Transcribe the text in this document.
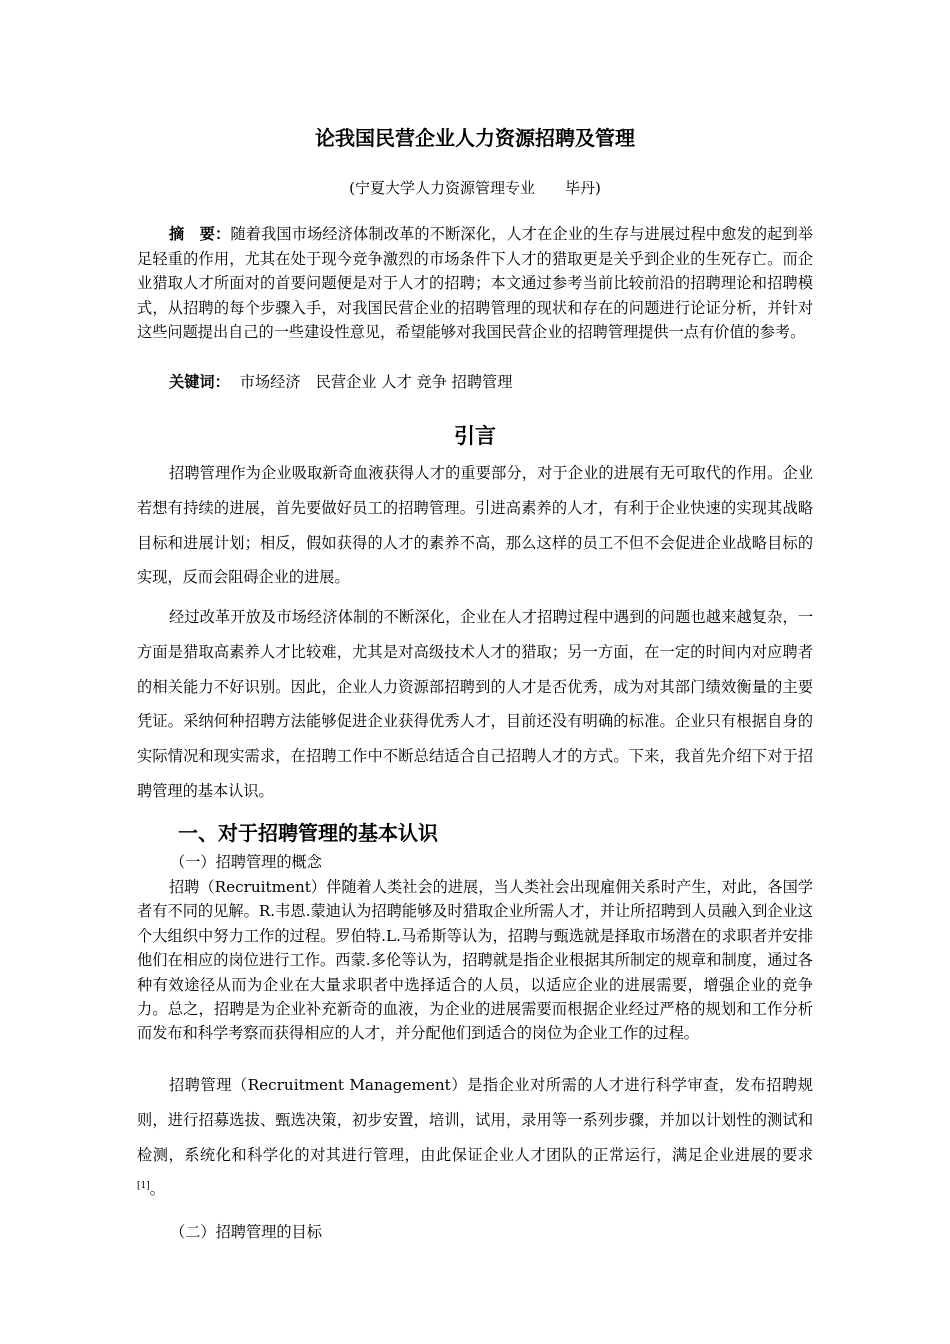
论我国民营企业人力资源招聘及管理
(宁夏大学人力资源管理专业　　毕丹)

摘　要：随着我国市场经济体制改革的不断深化，人才在企业的生存与进展过程中愈发的起到举足轻重的作用，尤其在处于现今竞争激烈的市场条件下人才的猎取更是关乎到企业的生死存亡。而企业猎取人才所面对的首要问题便是对于人才的招聘；本文通过参考当前比较前沿的招聘理论和招聘模式，从招聘的每个步骤入手，对我国民营企业的招聘管理的现状和存在的问题进行论证分析，并针对这些问题提出自己的一些建设性意见，希望能够对我国民营企业的招聘管理提供一点有价值的参考。

关键词： 市场经济　民营企业 人才 竞争 招聘管理

引言

招聘管理作为企业吸取新奇血液获得人才的重要部分，对于企业的进展有无可取代的作用。企业若想有持续的进展，首先要做好员工的招聘管理。引进高素养的人才，有利于企业快速的实现其战略目标和进展计划；相反，假如获得的人才的素养不高，那么这样的员工不但不会促进企业战略目标的实现，反而会阻碍企业的进展。

经过改革开放及市场经济体制的不断深化，企业在人才招聘过程中遇到的问题也越来越复杂，一方面是猎取高素养人才比较难，尤其是对高级技术人才的猎取；另一方面，在一定的时间内对应聘者的相关能力不好识别。因此，企业人力资源部招聘到的人才是否优秀，成为对其部门绩效衡量的主要凭证。采纳何种招聘方法能够促进企业获得优秀人才，目前还没有明确的标准。企业只有根据自身的实际情况和现实需求，在招聘工作中不断总结适合自己招聘人才的方式。下来，我首先介绍下对于招聘管理的基本认识。

一、对于招聘管理的基本认识
（一）招聘管理的概念

招聘（Recruitment）伴随着人类社会的进展，当人类社会出现雇佣关系时产生，对此，各国学者有不同的见解。R.韦恩.蒙迪认为招聘能够及时猎取企业所需人才，并让所招聘到人员融入到企业这个大组织中努力工作的过程。罗伯特.L.马希斯等认为，招聘与甄选就是择取市场潜在的求职者并安排他们在相应的岗位进行工作。西蒙.多伦等认为，招聘就是指企业根据其所制定的规章和制度，通过各种有效途径从而为企业在大量求职者中选择适合的人员，以适应企业的进展需要，增强企业的竞争力。总之，招聘是为企业补充新奇的血液，为企业的进展需要而根据企业经过严格的规划和工作分析而发布和科学考察而获得相应的人才，并分配他们到适合的岗位为企业工作的过程。

招聘管理（Recruitment Management）是指企业对所需的人才进行科学审查，发布招聘规则，进行招募选拔、甄选决策，初步安置，培训，试用，录用等一系列步骤，并加以计划性的测试和检测，系统化和科学化的对其进行管理，由此保证企业人才团队的正常运行，满足企业进展的要求[1]。

（二）招聘管理的目标
